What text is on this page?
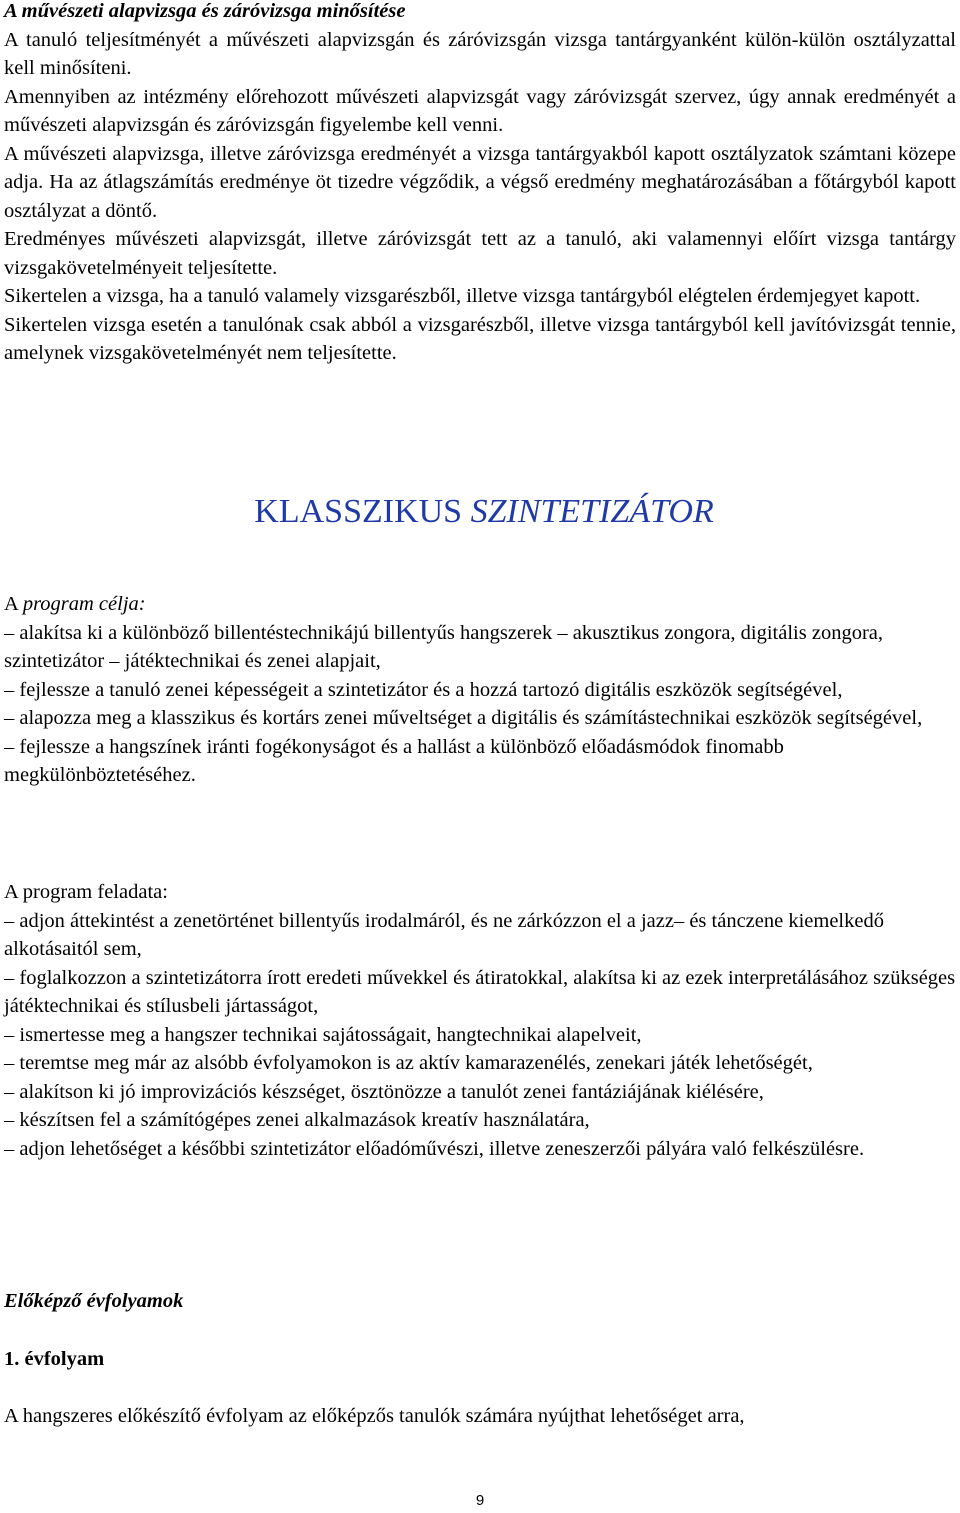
A művészeti alapvizsga és záróvizsga minősítése

A tanuló teljesítményét a művészeti alapvizsgán és záróvizsgán vizsga tantárgyanként külön-külön osztályzattal kell minősíteni.

Amennyiben az intézmény előrehozott művészeti alapvizsgát vagy záróvizsgát szervez, úgy annak eredményét a művészeti alapvizsgán és záróvizsgán figyelembe kell venni.

A művészeti alapvizsga, illetve záróvizsga eredményét a vizsga tantárgyakból kapott osztályzatok számtani közepe adja. Ha az átlagszámítás eredménye öt tizedre végződik, a végső eredmény meghatározásában a főtárgyból kapott osztályzat a döntő.

Eredményes művészeti alapvizsgát, illetve záróvizsgát tett az a tanuló, aki valamennyi előírt vizsga tantárgy vizsgakövetelményeit teljesítette.

Sikertelen a vizsga, ha a tanuló valamely vizsgarészből, illetve vizsga tantárgyból elégtelen érdemjegyet kapott.

Sikertelen vizsga esetén a tanulónak csak abból a vizsgarészből, illetve vizsga tantárgyból kell javítóvizsgát tennie, amelynek vizsgakövetelményét nem teljesítette.

KLASSZIKUS SZINTETIZÁTOR

A program célja:

– alakítsa ki a különböző billentéstechnikájú billentyűs hangszerek – akusztikus zongora, digitális zongora, szintetizátor – játéktechnikai és zenei alapjait,
– fejlessze a tanuló zenei képességeit a szintetizátor és a hozzá tartozó digitális eszközök segítségével,
– alapozza meg a klasszikus és kortárs zenei műveltséget a digitális és számítástechnikai eszközök segítségével,
– fejlessze a hangszínek iránti fogékonyságot és a hallást a különböző előadásmódok finomabb megkülönböztetéséhez.

A program feladata:

– adjon áttekintést a zenetörténet billentyűs irodalmáról, és ne zárkózzon el a jazz– és tánczene kiemelkedő alkotásaitól sem,
– foglalkozzon a szintetizátorra írott eredeti művekkel és átiratokkal, alakítsa ki az ezek interpretálásához szükséges játéktechnikai és stílusbeli jártasságot,
– ismertesse meg a hangszer technikai sajátosságait, hangtechnikai alapelveit,
– teremtse meg már az alsóbb évfolyamokon is az aktív kamarazenélés, zenekari játék lehetőségét,
– alakítson ki jó improvizációs készséget, ösztönözze a tanulót zenei fantáziájának kiélésére,
– készítsen fel a számítógépes zenei alkalmazások kreatív használatára,
– adjon lehetőséget a későbbi szintetizátor előadóművészi, illetve zeneszerzői pályára való felkészülésre.

Előképző évfolyamok

1. évfolyam

A hangszeres előkészítő évfolyam az előképzős tanulók számára nyújthat lehetőséget arra,

9
